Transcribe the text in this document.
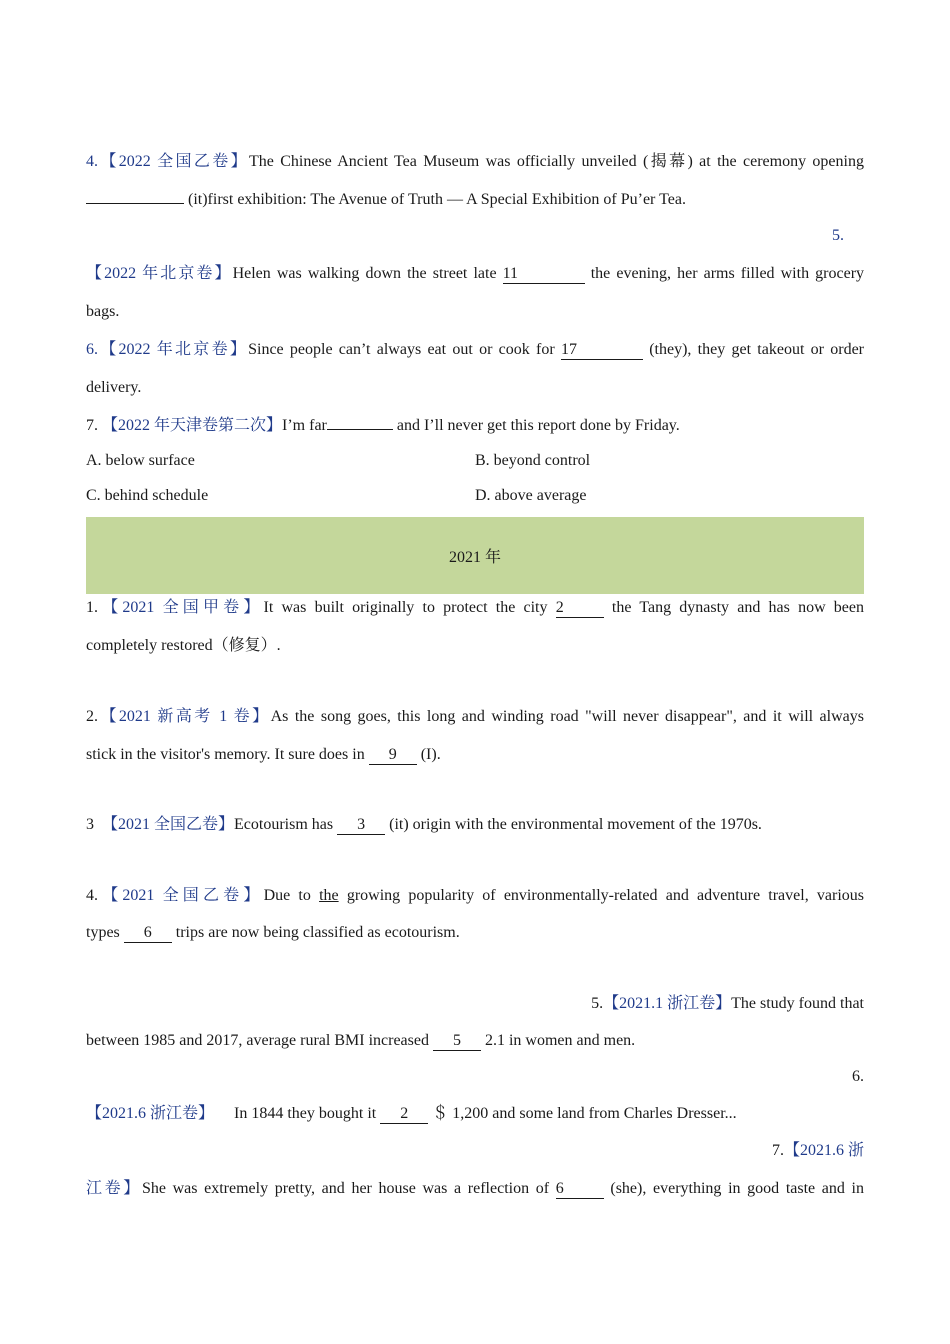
4.【2022 全国乙卷】The Chinese Ancient Tea Museum was officially unveiled (揭幕) at the ceremony opening
(it)first exhibition: The Avenue of Truth — A Special Exhibition of Pu’er Tea.
5.
【2022 年北京卷】Helen was walking down the street late 11	the evening, her arms filled with grocery
bags.
6.【2022 年北京卷】Since people can’t always eat out or cook for 17	(they), they get takeout or order
delivery.
7. 【2022 年天津卷第二次】I’m far	and I’ll never get this report done by Friday.
A. below surface	B. beyond control
C. behind schedule	D. above average
2021 年
1.【2021 全国甲卷】It was built originally to protect the city 2	the Tang dynasty and has now been
completely restored（修复）.
2.【2021 新高考 1 卷】As the song goes, this long and winding road "will never disappear", and it will always
stick in the visitor's memory. It sure does in 9 (I).
3 【2021 全国乙卷】Ecotourism has 3 (it) origin with the environmental movement of the 1970s.
4.【2021 全国乙卷】Due to the growing popularity of environmentally-related and adventure travel, various
types 6 trips are now being classified as ecotourism.
5.【2021.1 浙江卷】The study found that
between 1985 and 2017, average rural BMI increased 5 2.1 in women and men.
6.
【2021.6 浙江卷】 In 1844 they bought it 2 ＄ 1,200 and some land from Charles Dresser...
7.【2021.6 浙
江卷】She was extremely pretty, and her house was a reflection of 6	(she), everything in good taste and in
